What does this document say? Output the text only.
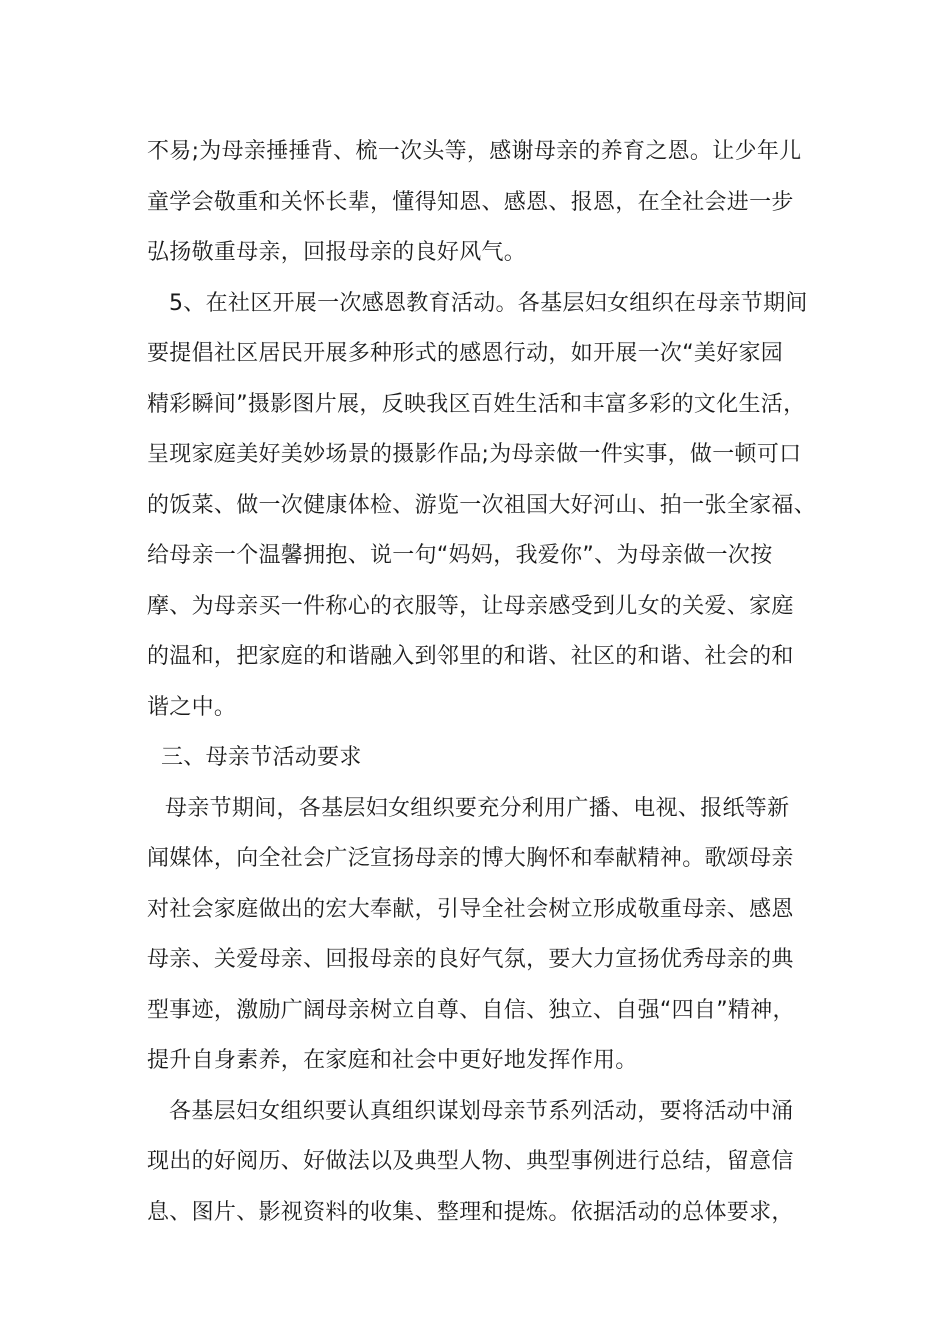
不易;为母亲捶捶背、梳一次头等，感谢母亲的养育之恩。让少年儿
童学会敬重和关怀长辈，懂得知恩、感恩、报恩，在全社会进一步
弘扬敬重母亲，回报母亲的良好风气。
5、在社区开展一次感恩教育活动。各基层妇女组织在母亲节期间
要提倡社区居民开展多种形式的感恩行动，如开展一次“美好家园
精彩瞬间”摄影图片展，反映我区百姓生活和丰富多彩的文化生活，
呈现家庭美好美妙场景的摄影作品;为母亲做一件实事，做一顿可口
的饭菜、做一次健康体检、游览一次祖国大好河山、拍一张全家福、
给母亲一个温馨拥抱、说一句“妈妈，我爱你”、为母亲做一次按
摩、为母亲买一件称心的衣服等，让母亲感受到儿女的关爱、家庭
的温和，把家庭的和谐融入到邻里的和谐、社区的和谐、社会的和
谐之中。
三、母亲节活动要求
母亲节期间，各基层妇女组织要充分利用广播、电视、报纸等新
闻媒体，向全社会广泛宣扬母亲的博大胸怀和奉献精神。歌颂母亲
对社会家庭做出的宏大奉献，引导全社会树立形成敬重母亲、感恩
母亲、关爱母亲、回报母亲的良好气氛，要大力宣扬优秀母亲的典
型事迹，激励广阔母亲树立自尊、自信、独立、自强“四自”精神，
提升自身素养，在家庭和社会中更好地发挥作用。
各基层妇女组织要认真组织谋划母亲节系列活动，要将活动中涌
现出的好阅历、好做法以及典型人物、典型事例进行总结，留意信
息、图片、影视资料的收集、整理和提炼。依据活动的总体要求，
